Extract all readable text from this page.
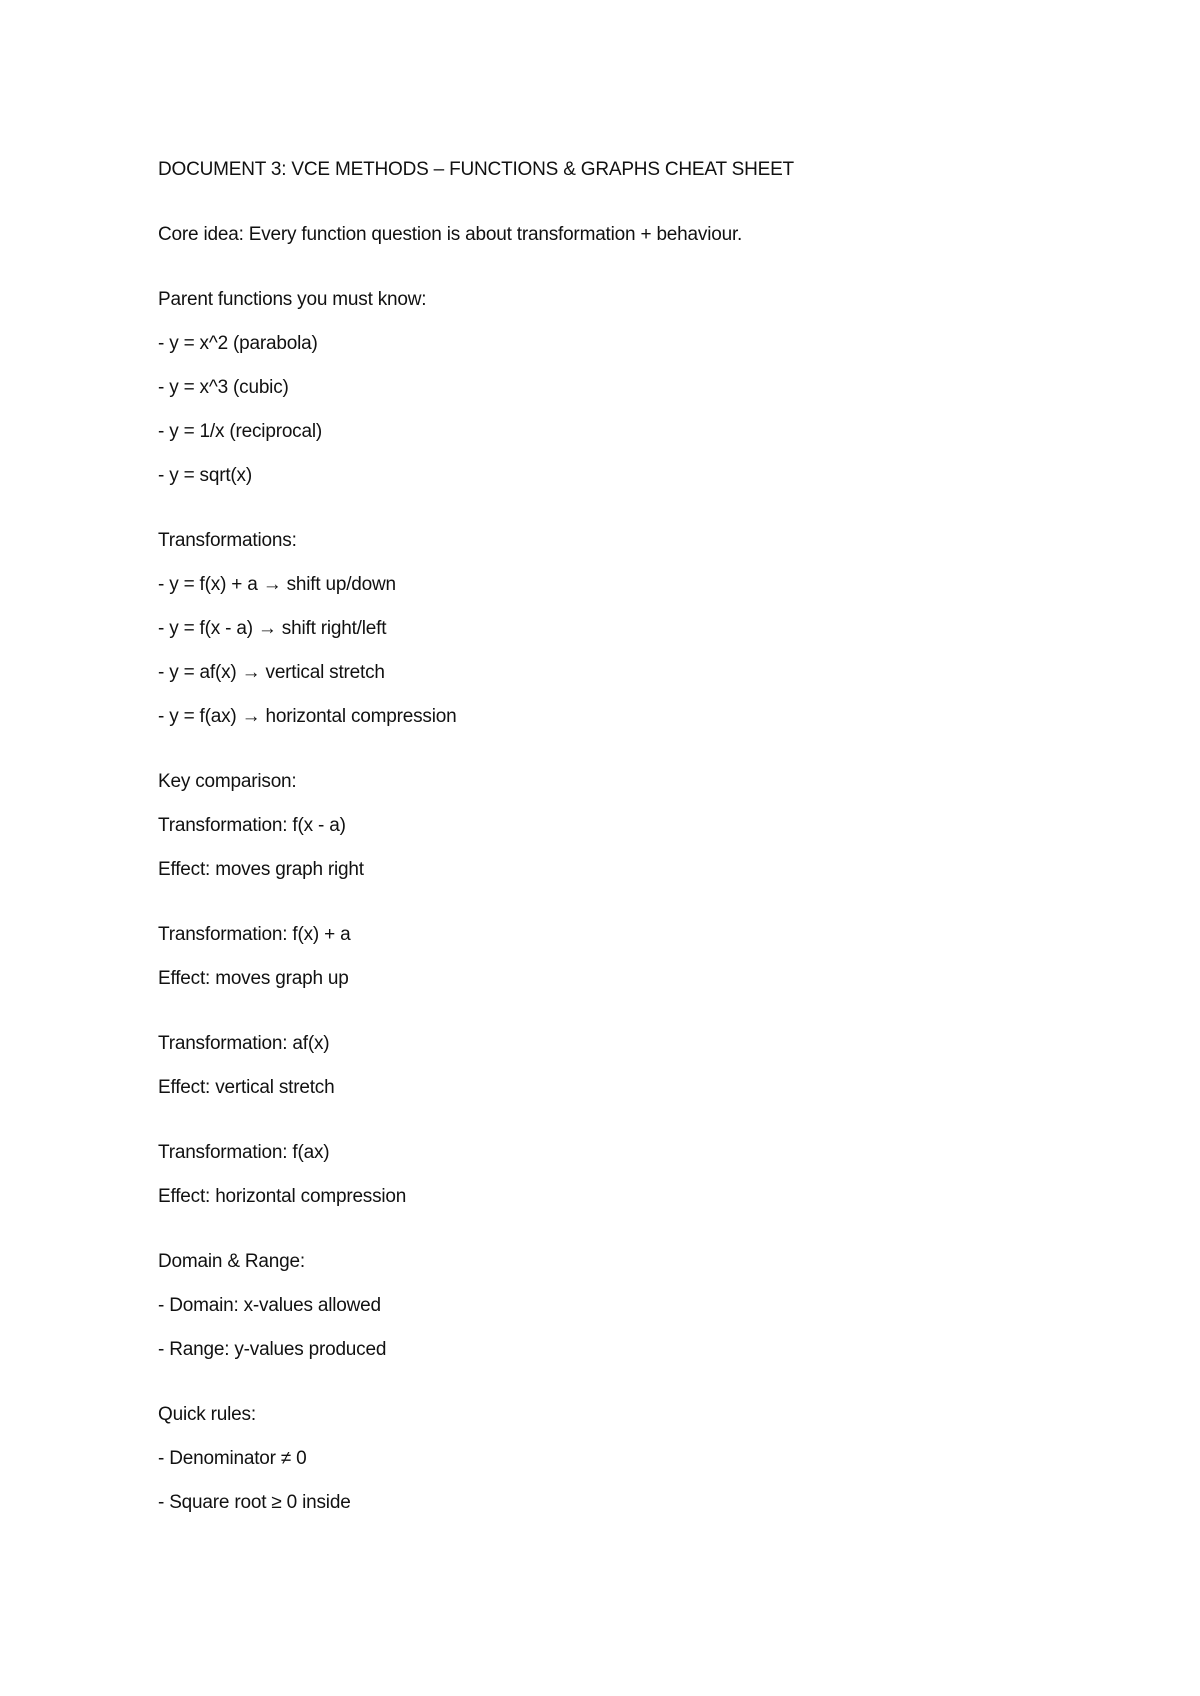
DOCUMENT 3: VCE METHODS – FUNCTIONS & GRAPHS CHEAT SHEET

Core idea: Every function question is about transformation + behaviour.

Parent functions you must know:

- y = x^2 (parabola)

- y = x^3 (cubic)

- y = 1/x (reciprocal)

- y = sqrt(x)

Transformations:

- y = f(x) + a → shift up/down

- y = f(x - a) → shift right/left

- y = af(x) → vertical stretch

- y = f(ax) → horizontal compression

Key comparison:

Transformation: f(x - a)

Effect: moves graph right

Transformation: f(x) + a

Effect: moves graph up

Transformation: af(x)

Effect: vertical stretch

Transformation: f(ax)

Effect: horizontal compression

Domain & Range:

- Domain: x-values allowed

- Range: y-values produced

Quick rules:

- Denominator ≠ 0

- Square root ≥ 0 inside
